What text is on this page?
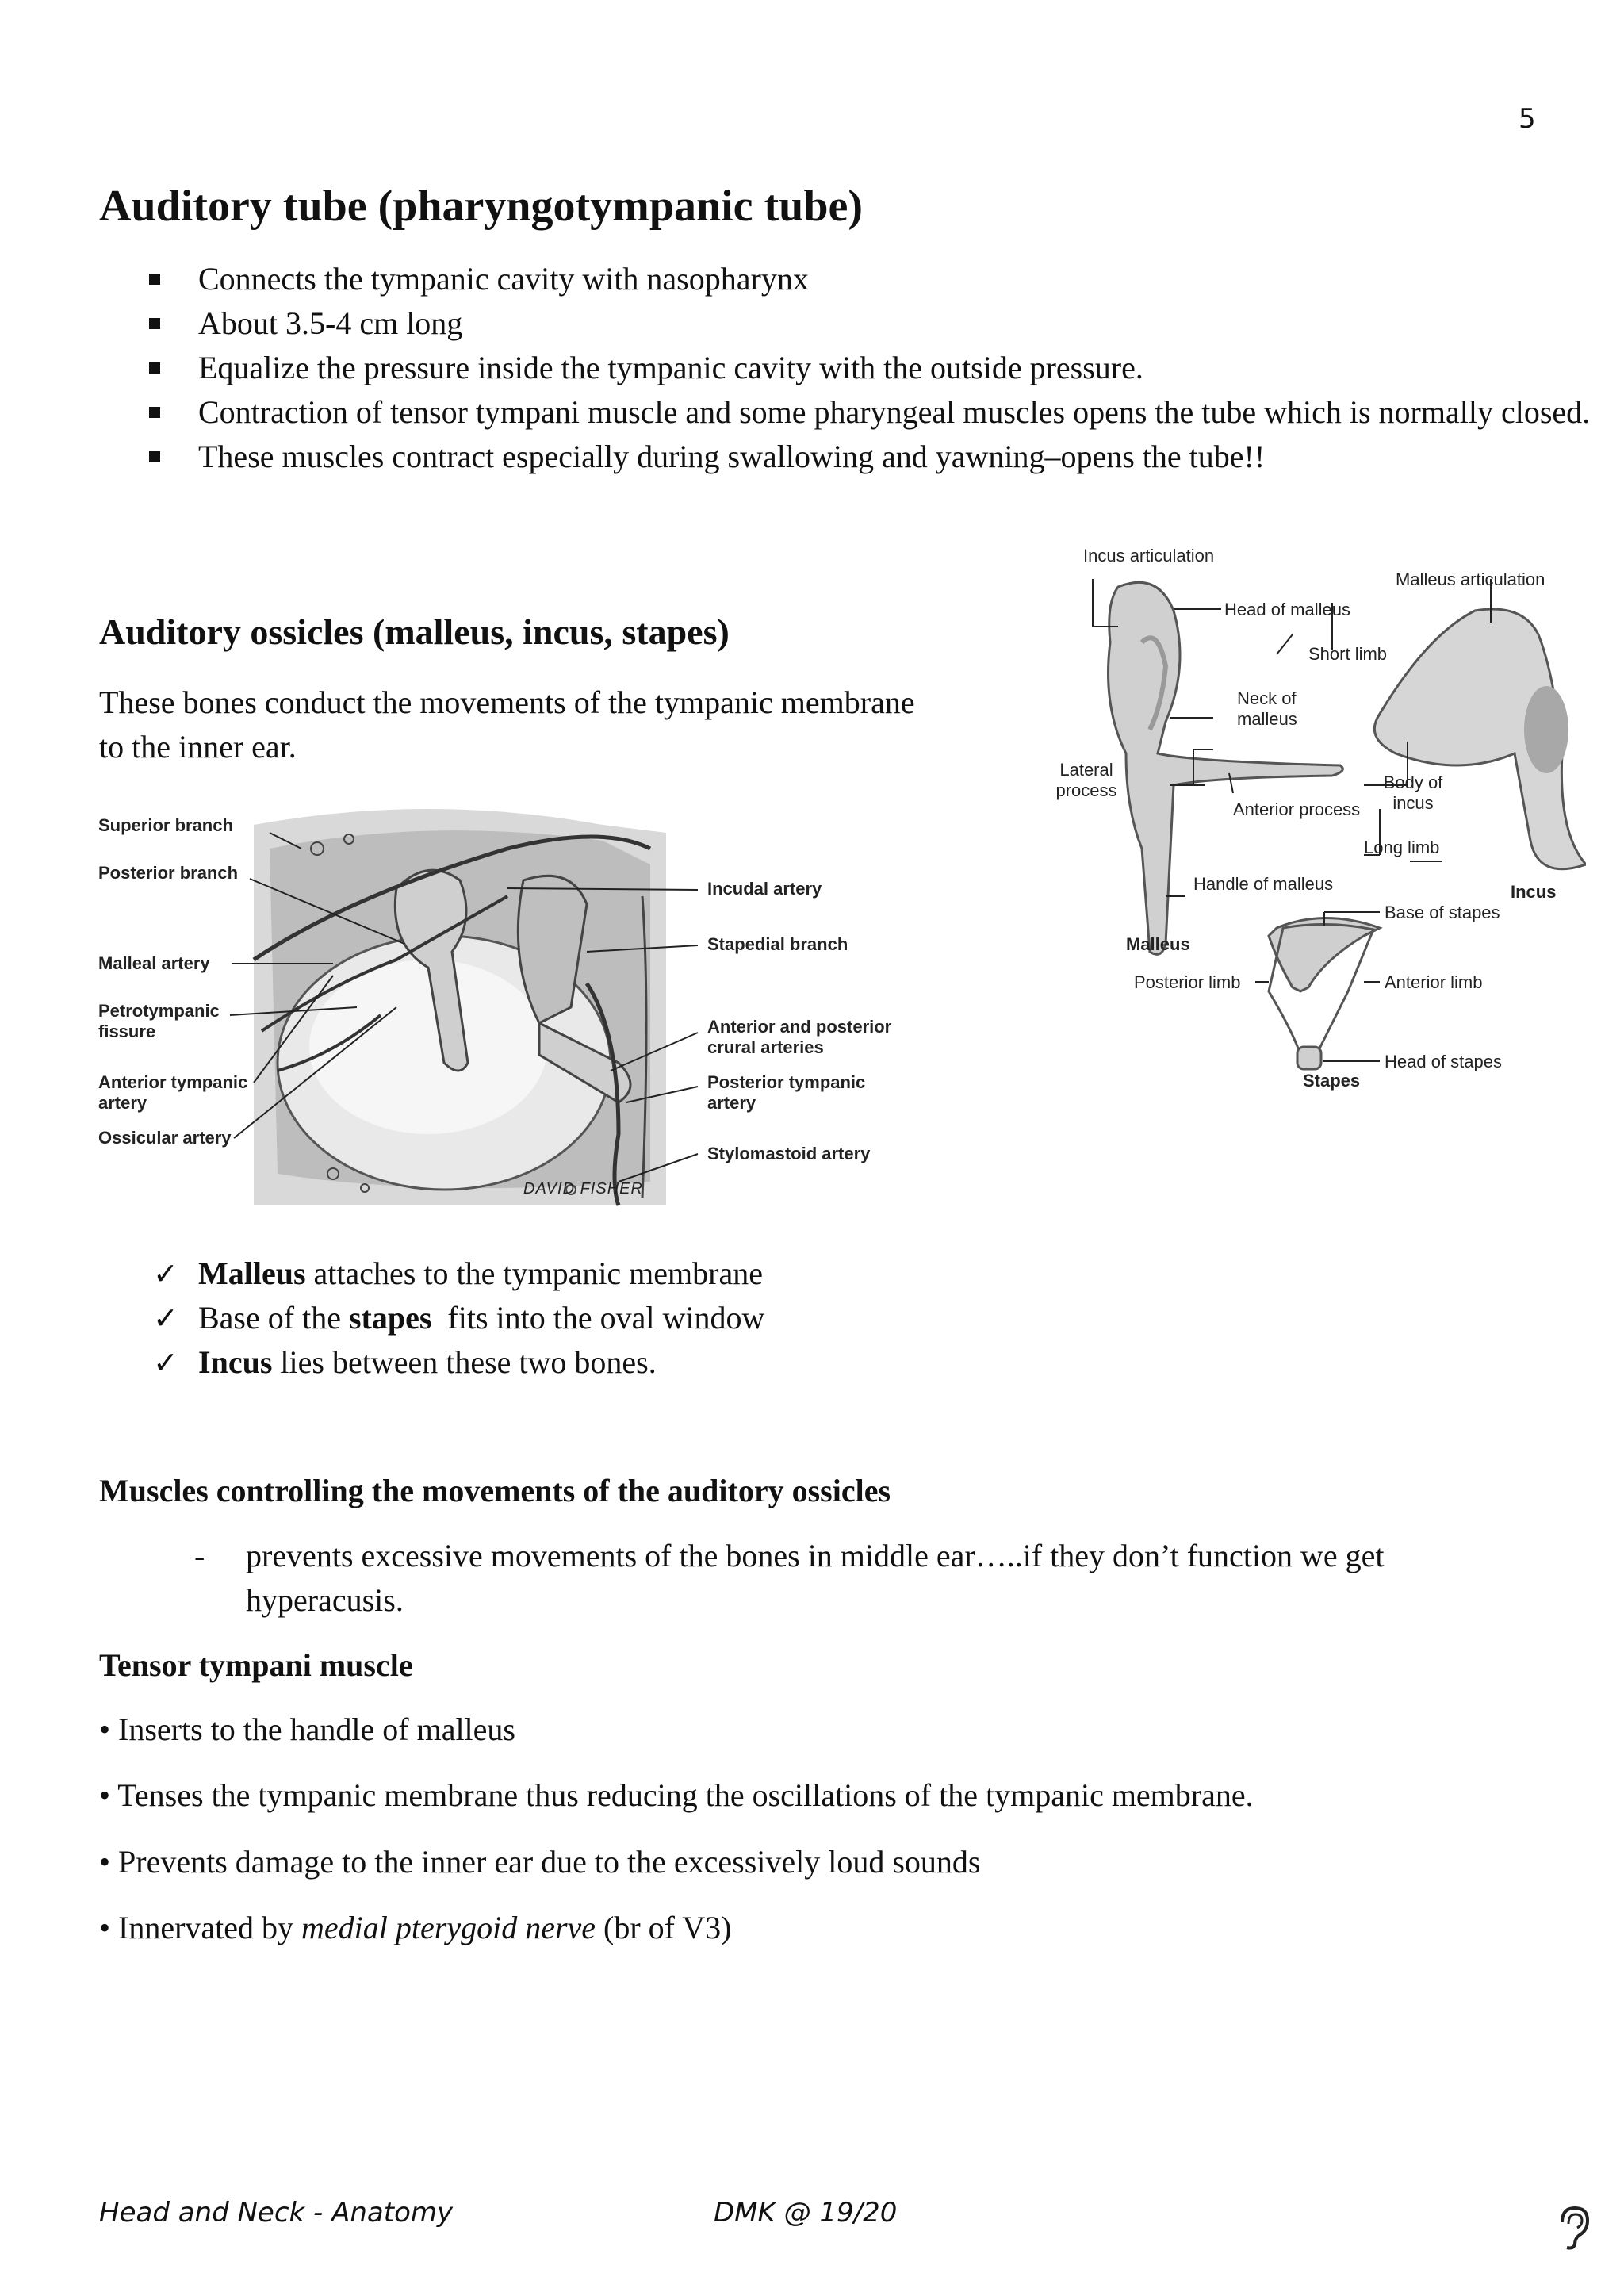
5
Auditory tube (pharyngotympanic tube)
Connects the tympanic cavity with nasopharynx
About 3.5-4 cm long
Equalize the pressure inside the tympanic cavity with the outside pressure.
Contraction of tensor tympani muscle and some pharyngeal muscles opens the tube which is normally closed.
These muscles contract especially during swallowing and yawning–opens the tube!!
Auditory ossicles (malleus, incus, stapes)
These bones conduct the movements of the tympanic membrane to the inner ear.
Superior branch
Posterior branch
Malleal artery
Petrotympanic fissure
Anterior tympanic artery
Ossicular artery
Incudal artery
Stapedial branch
Anterior and posterior crural arteries
Posterior tympanic artery
Stylomastoid artery
DAVID FISHER
Incus articulation
Malleus articulation
Head of malleus
Short limb
Neck of malleus
Lateral process	Body of incus
Anterior process
Long limb
Handle of malleus	Incus
Base of stapes
Malleus
Posterior limb	Anterior limb
Head of stapes
Stapes
✓ Malleus attaches to the tympanic membrane
✓ Base of the stapes  fits into the oval window
✓ Incus lies between these two bones.
Muscles controlling the movements of the auditory ossicles
- prevents excessive movements of the bones in middle ear…..if they don’t function we get hyperacusis.
Tensor tympani muscle
• Inserts to the handle of malleus
• Tenses the tympanic membrane thus reducing the oscillations of the tympanic membrane.
• Prevents damage to the inner ear due to the excessively loud sounds
• Innervated by medial pterygoid nerve (br of V3)
Head and Neck - Anatomy	DMK @ 19/20
